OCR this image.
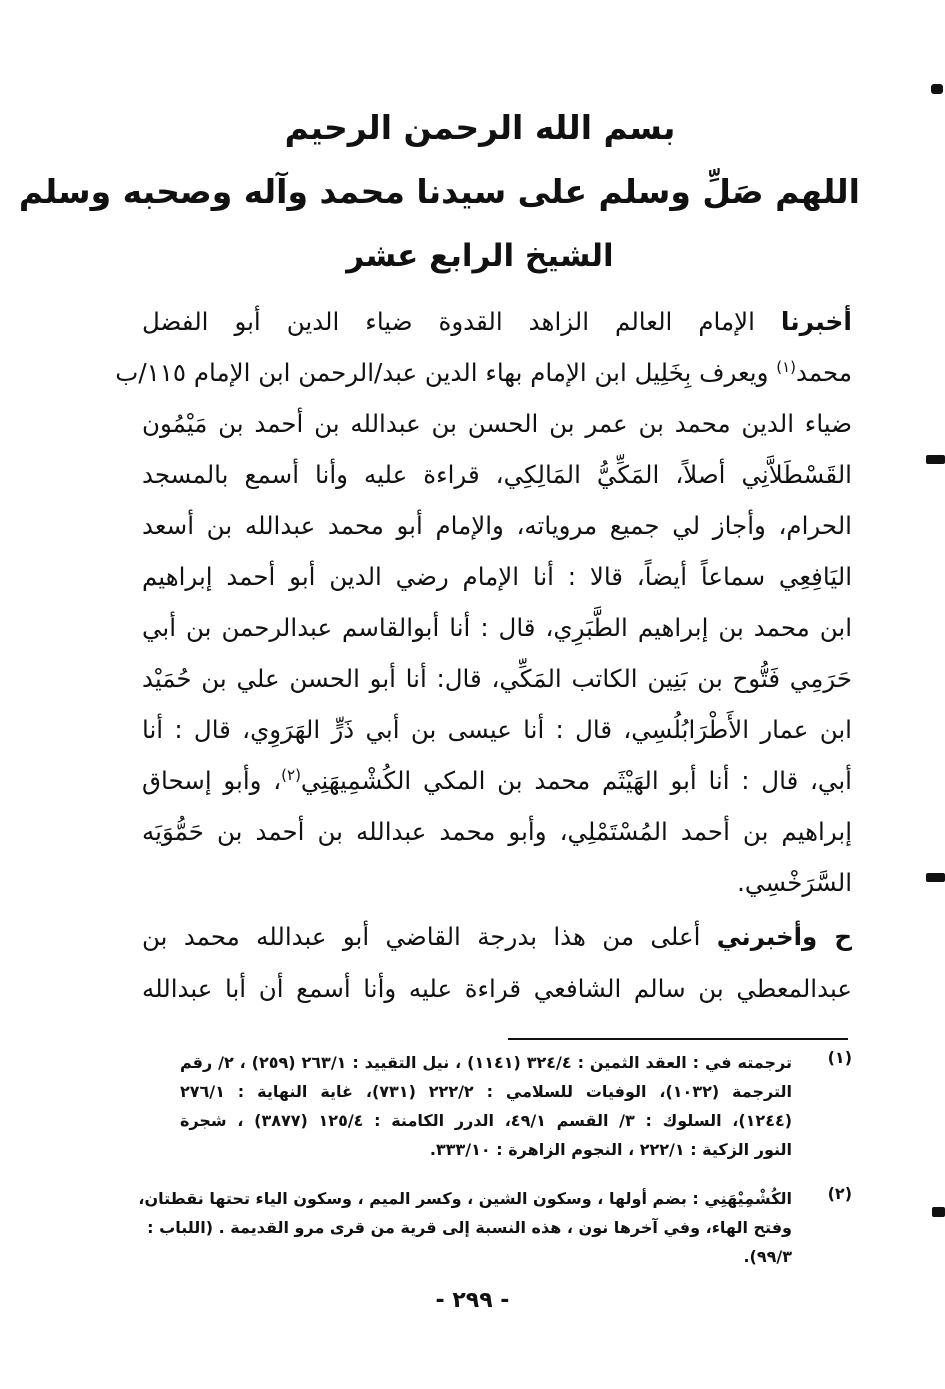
بسم الله الرحمن الرحيم
اللهم صَلِّ وسلم على سيدنا محمد وآله وصحبه وسلم
الشيخ الرابع عشر
أخبرنا الإمام العالم الزاهد القدوة ضياء الدين أبو الفضل
محمد$^{(١)}$ ويعرف بِخَلِيل ابن الإمام بهاء الدين عبد/الرحمن ابن الإمام ١١٥/ب
ضياء الدين محمد بن عمر بن الحسن بن عبدالله بن أحمد بن مَيْمُون
القَسْطَلاَّنِي أصلاً، المَكِّيُّ المَالِكِي، قراءة عليه وأنا أسمع بالمسجد
الحرام، وأجاز لي جميع مروياته، والإمام أبو محمد عبدالله بن أسعد
اليَافِعِي سماعاً أيضاً، قالا : أنا الإمام رضي الدين أبو أحمد إبراهيم
ابن محمد بن إبراهيم الطَّبَرِي، قال : أنا أبوالقاسم عبدالرحمن بن أبي
حَرَمِي فَتُّوح بن بَنِين الكاتب المَكِّي، قال: أنا أبو الحسن علي بن حُمَيْد
ابن عمار الأَطْرَابُلُسِي، قال : أنا عيسى بن أبي ذَرٍّ الهَرَوِي، قال : أنا
أبي، قال : أنا أبو الهَيْثَم محمد بن المكي الكُشْمِيهَنِي$^{(٢)}$، وأبو إسحاق
إبراهيم بن أحمد المُسْتَمْلِي، وأبو محمد عبدالله بن أحمد بن حَمُّوَيَه
السَّرَخْسِي.
ح وأخبرني أعلى من هذا بدرجة القاضي أبو عبدالله محمد بن
عبدالمعطي بن سالم الشافعي قراءة عليه وأنا أسمع أن أبا عبدالله
(١)
ترجمته في : العقد الثمين : ٣٢٤/٤ (١١٤١) ، نيل التقييد : ٢٦٣/١ (٢٥٩) ، ٢/ رقم
الترجمة (١٠٣٢)، الوفيات للسلامي : ٢٢٢/٢ (٧٣١)، غاية النهاية : ٢٧٦/١
(١٢٤٤)، السلوك : ٣/ القسم ٤٩/١، الدرر الكامنة : ١٢٥/٤ (٣٨٧٧) ، شجرة
النور الزكية : ٢٢٢/١ ، النجوم الزاهرة : ٣٣٣/١٠.
(٢)
الكُشْمِيْهَنِي : بضم أولها ، وسكون الشين ، وكسر الميم ، وسكون الياء تحتها نقطتان،
وفتح الهاء، وفي آخرها نون ، هذه النسبة إلى قرية من قرى مرو القديمة . (اللباب :
٩٩/٣).
- ٢٩٩ -
